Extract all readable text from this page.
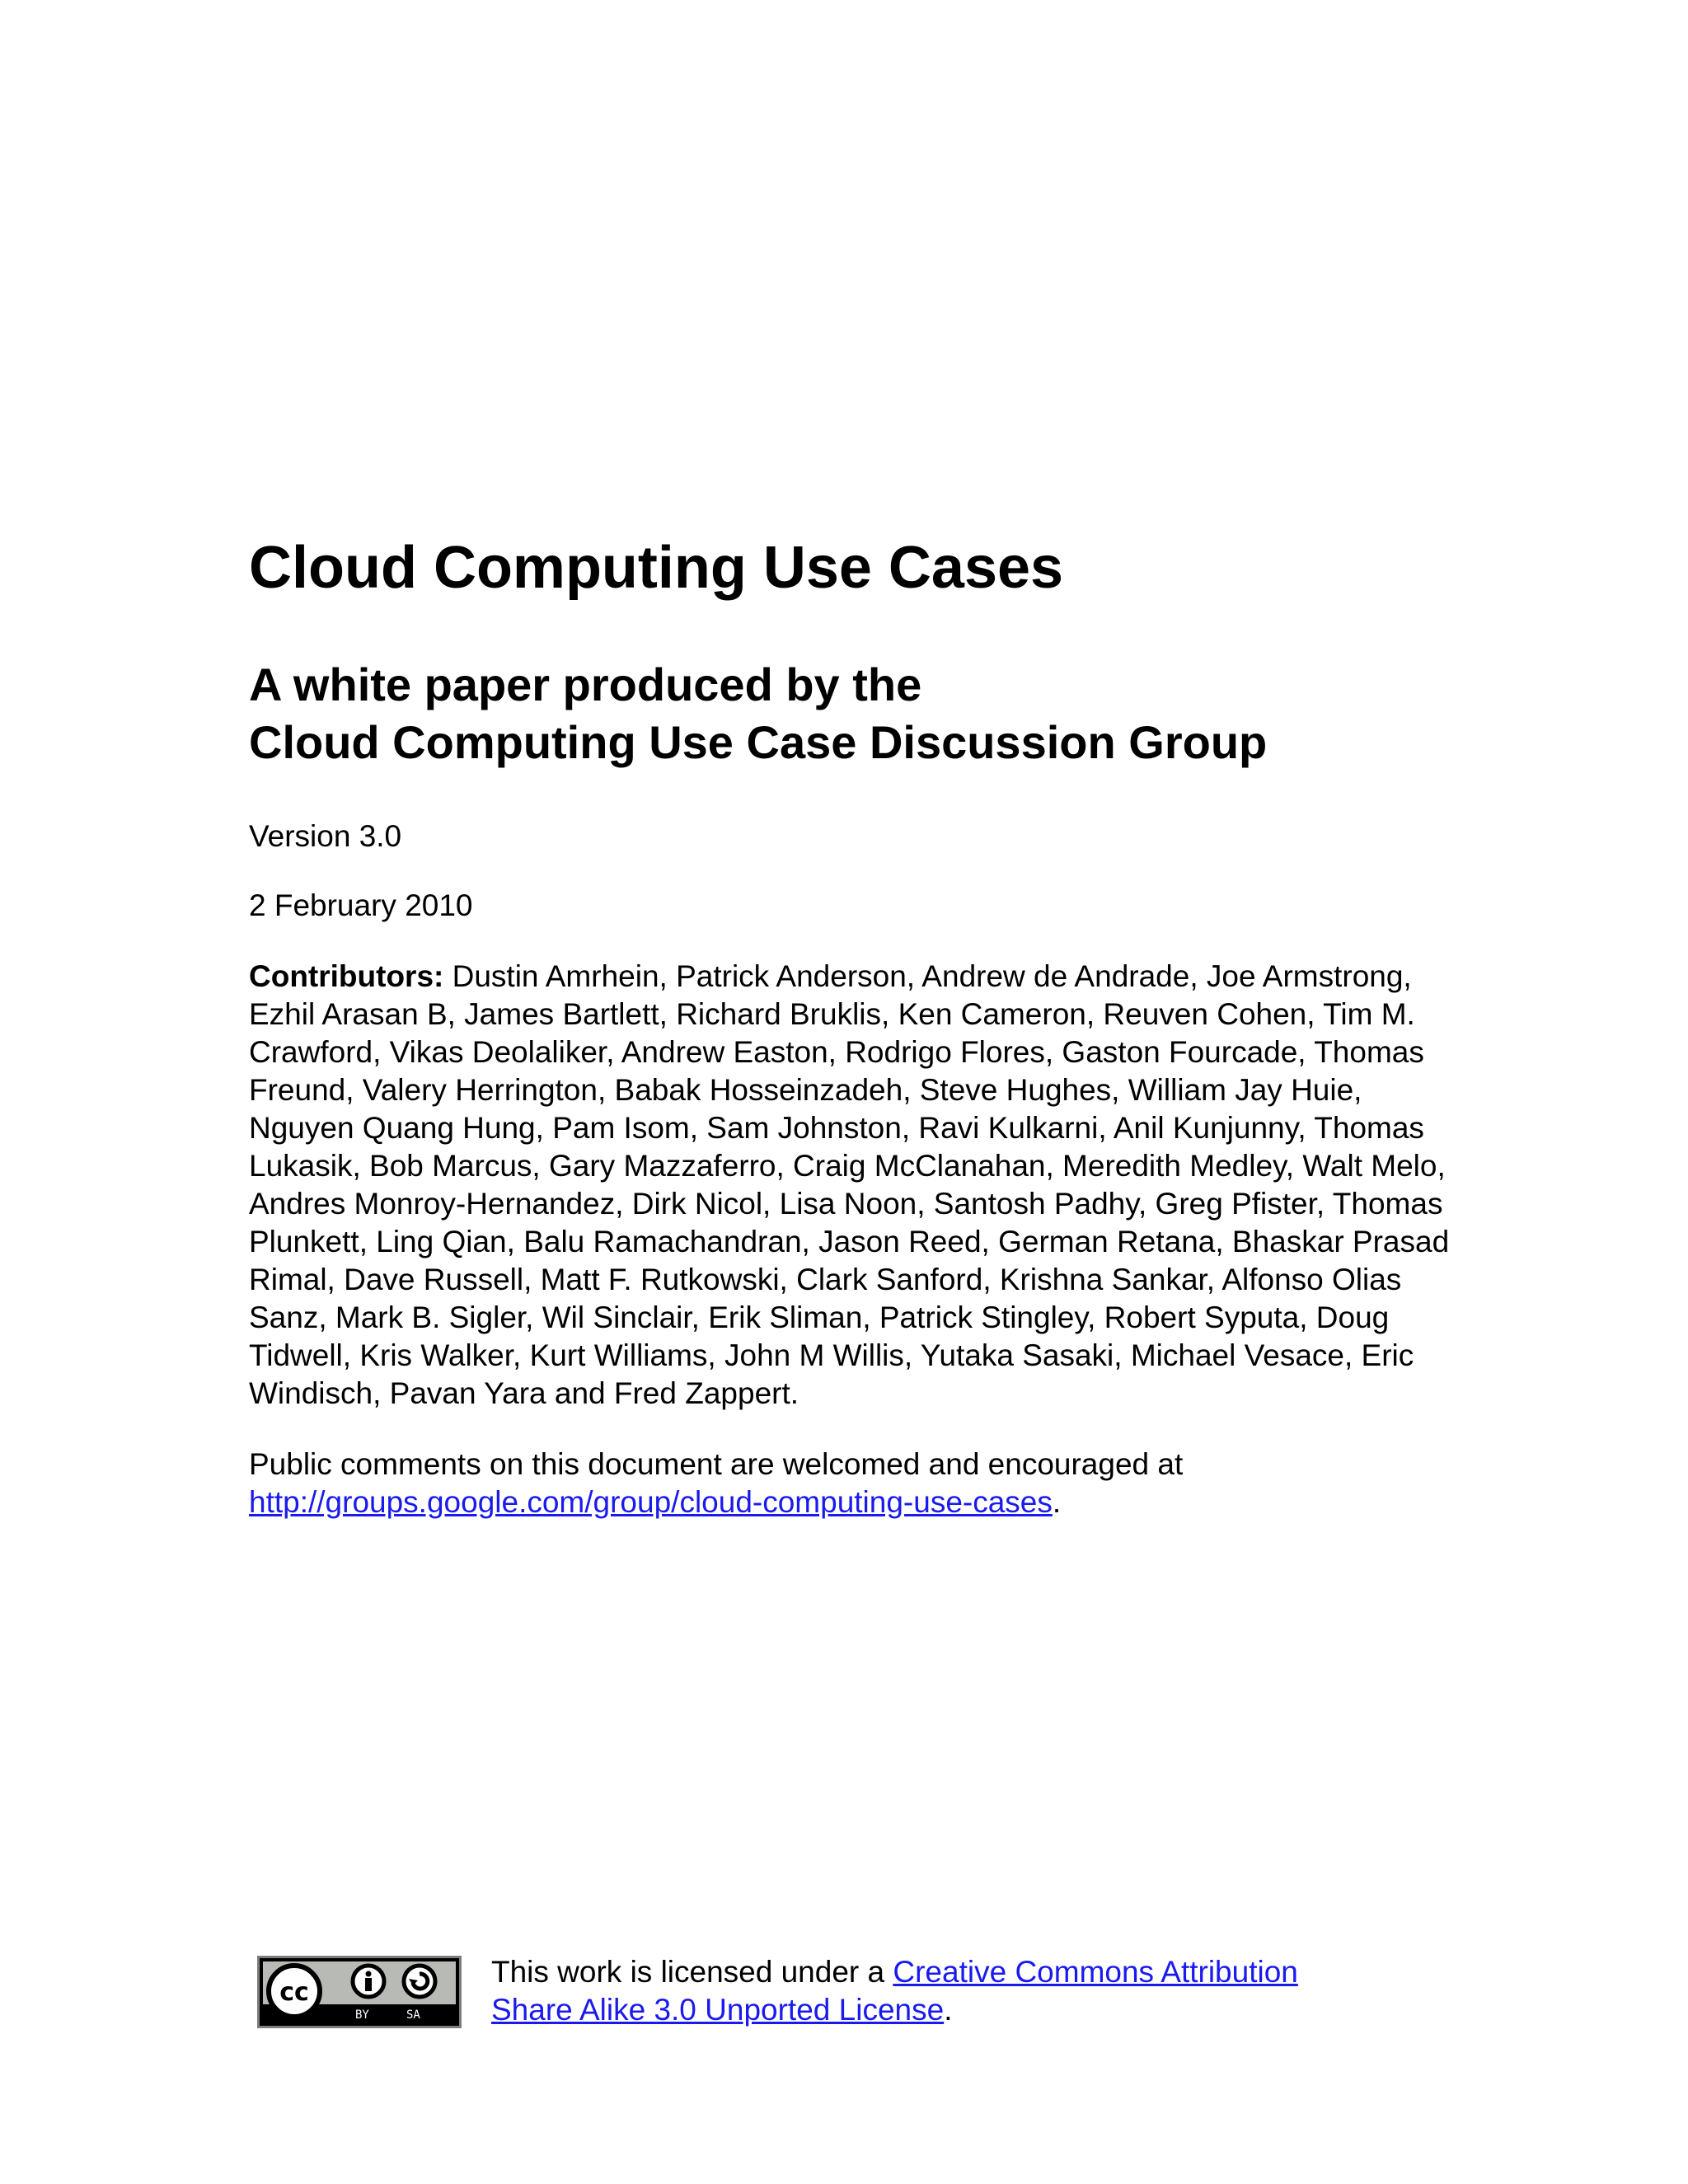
Cloud Computing Use Cases
A white paper produced by the
Cloud Computing Use Case Discussion Group
Version 3.0
2 February 2010
Contributors: Dustin Amrhein, Patrick Anderson, Andrew de Andrade, Joe Armstrong, Ezhil Arasan B, James Bartlett, Richard Bruklis, Ken Cameron, Reuven Cohen, Tim M. Crawford, Vikas Deolaliker, Andrew Easton, Rodrigo Flores, Gaston Fourcade, Thomas Freund, Valery Herrington, Babak Hosseinzadeh, Steve Hughes, William Jay Huie, Nguyen Quang Hung, Pam Isom, Sam Johnston, Ravi Kulkarni, Anil Kunjunny, Thomas Lukasik, Bob Marcus, Gary Mazzaferro, Craig McClanahan, Meredith Medley, Walt Melo, Andres Monroy-Hernandez, Dirk Nicol, Lisa Noon, Santosh Padhy, Greg Pfister, Thomas Plunkett, Ling Qian, Balu Ramachandran, Jason Reed, German Retana, Bhaskar Prasad Rimal, Dave Russell, Matt F. Rutkowski, Clark Sanford, Krishna Sankar, Alfonso Olias Sanz, Mark B. Sigler, Wil Sinclair, Erik Sliman, Patrick Stingley, Robert Syputa, Doug Tidwell, Kris Walker, Kurt Williams, John M Willis, Yutaka Sasaki, Michael Vesace, Eric Windisch, Pavan Yara and Fred Zappert.
Public comments on this document are welcomed and encouraged at
http://groups.google.com/group/cloud-computing-use-cases.
cc
BY	SA
This work is licensed under a Creative Commons Attribution
Share Alike 3.0 Unported License.
